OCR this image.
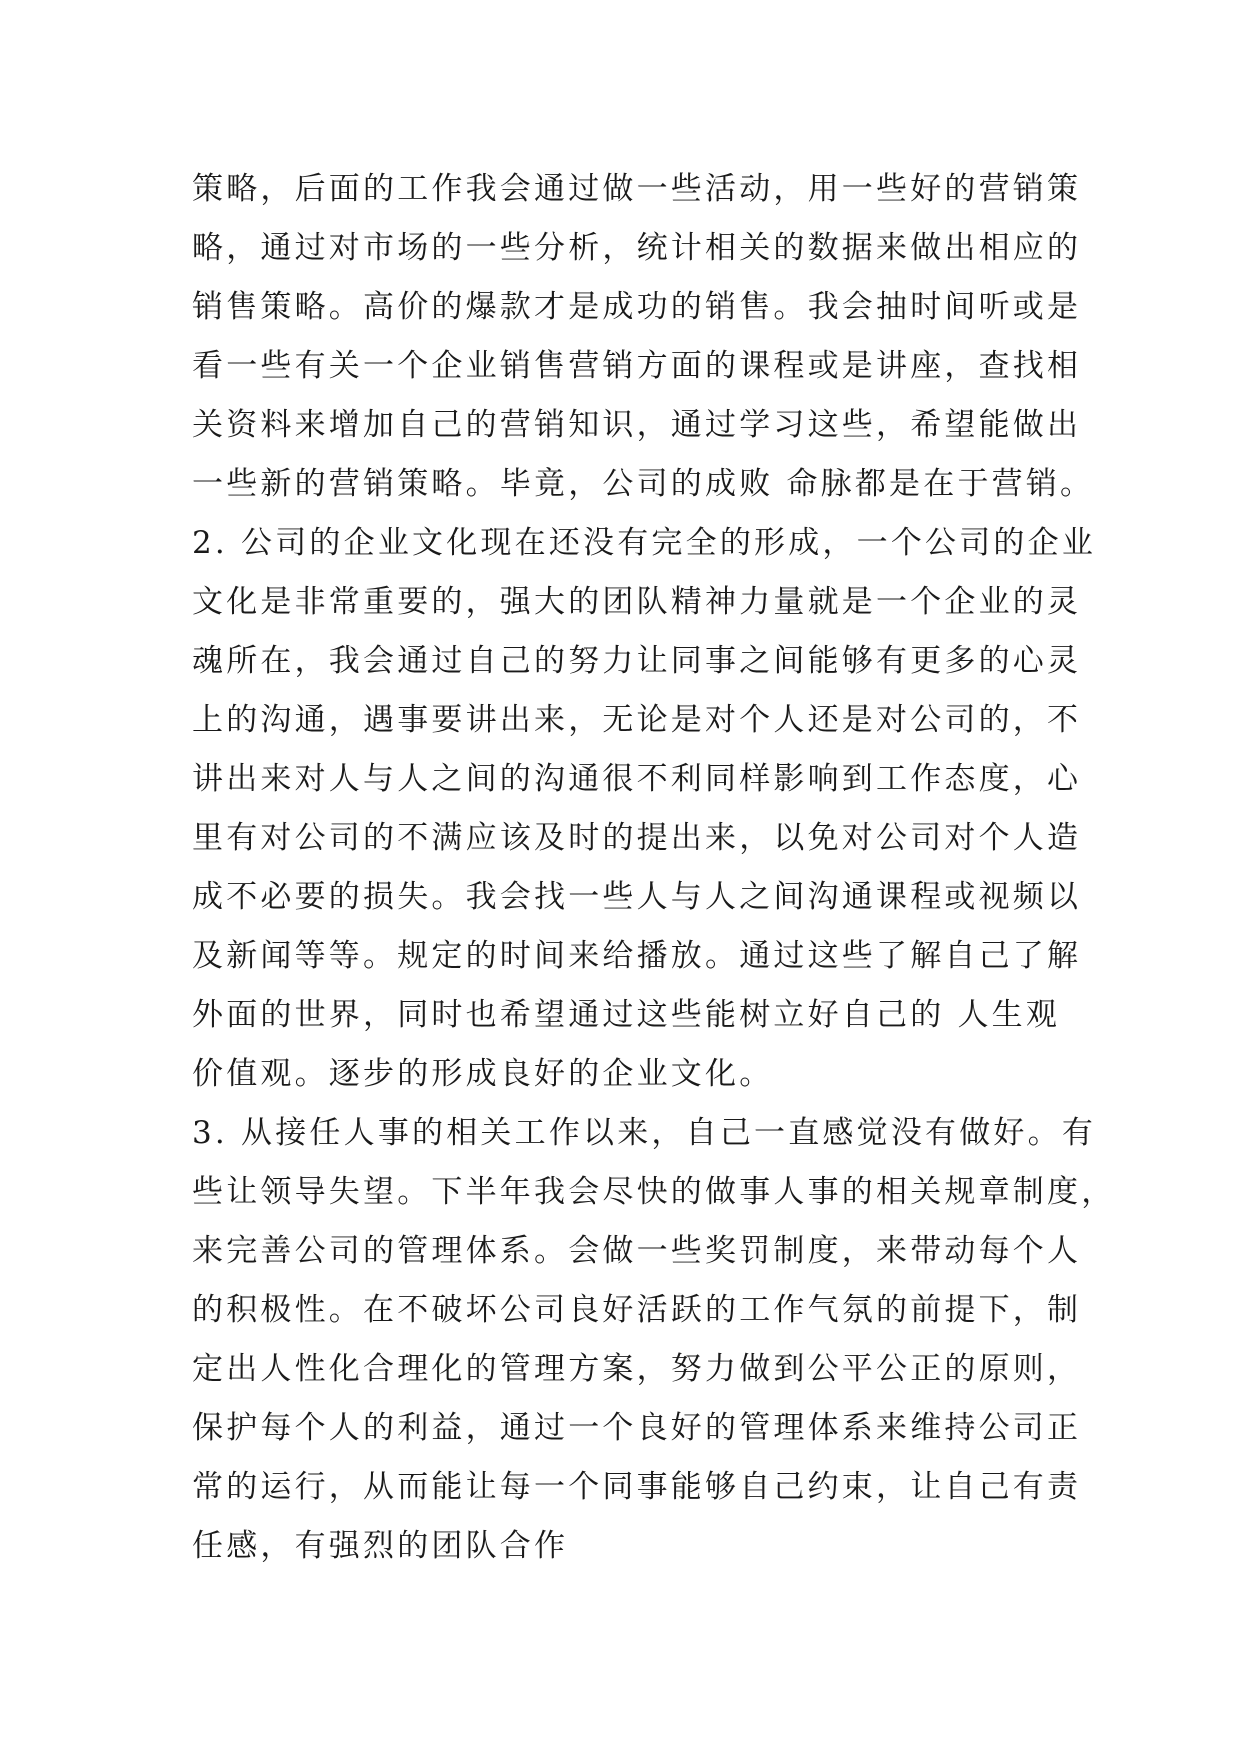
策略，后面的工作我会通过做一些活动，用一些好的营销策
略，通过对市场的一些分析，统计相关的数据来做出相应的
销售策略。高价的爆款才是成功的销售。我会抽时间听或是
看一些有关一个企业销售营销方面的课程或是讲座，查找相
关资料来增加自己的营销知识，通过学习这些，希望能做出
一些新的营销策略。毕竟，公司的成败 命脉都是在于营销。
2. 公司的企业文化现在还没有完全的形成，一个公司的企业
文化是非常重要的，强大的团队精神力量就是一个企业的灵
魂所在，我会通过自己的努力让同事之间能够有更多的心灵
上的沟通，遇事要讲出来，无论是对个人还是对公司的，不
讲出来对人与人之间的沟通很不利同样影响到工作态度，心
里有对公司的不满应该及时的提出来，以免对公司对个人造
成不必要的损失。我会找一些人与人之间沟通课程或视频以
及新闻等等。规定的时间来给播放。通过这些了解自己了解
外面的世界，同时也希望通过这些能树立好自己的 人生观
价值观。逐步的形成良好的企业文化。
3. 从接任人事的相关工作以来，自己一直感觉没有做好。有
些让领导失望。下半年我会尽快的做事人事的相关规章制度，
来完善公司的管理体系。会做一些奖罚制度，来带动每个人
的积极性。在不破坏公司良好活跃的工作气氛的前提下，制
定出人性化合理化的管理方案，努力做到公平公正的原则，
保护每个人的利益，通过一个良好的管理体系来维持公司正
常的运行，从而能让每一个同事能够自己约束，让自己有责
任感，有强烈的团队合作
